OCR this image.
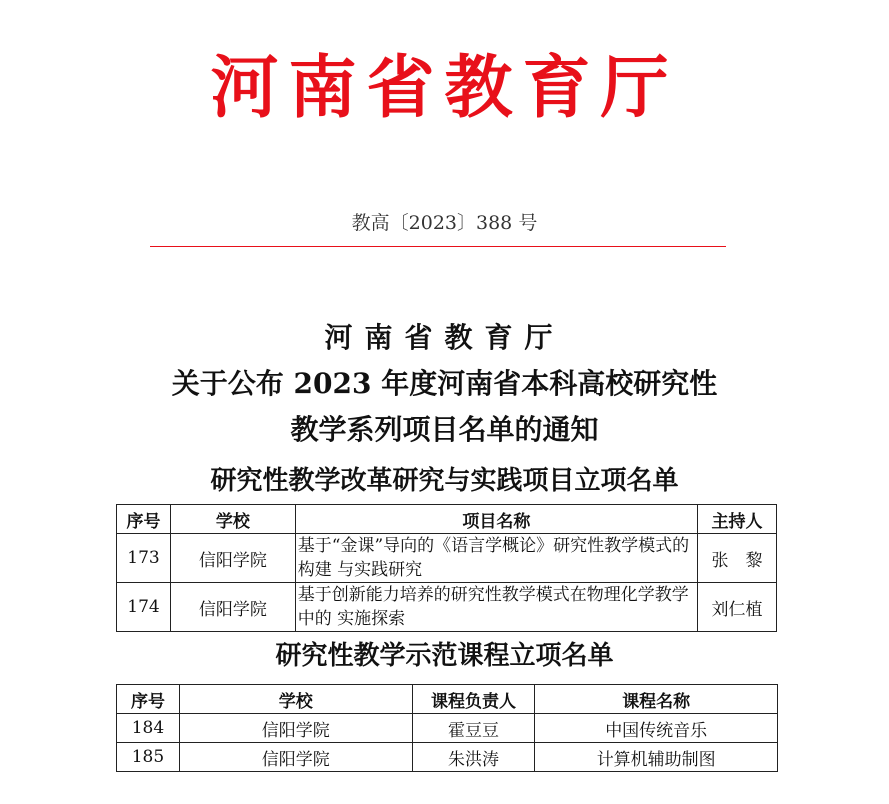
河南省教育厅
教高〔2023〕388 号
河南省教育厅
关于公布 2023 年度河南省本科高校研究性
教学系列项目名单的通知
研究性教学改革研究与实践项目立项名单
序号	学校	项目名称	主持人
173	信阳学院	基于“金课”导向的《语言学概论》研究性教学模式的构建 与实践研究	张　黎
174	信阳学院	基于创新能力培养的研究性教学模式在物理化学教学中的 实施探索	刘仁植
研究性教学示范课程立项名单
序号	学校	课程负责人	课程名称
184	信阳学院	霍豆豆	中国传统音乐
185	信阳学院	朱洪涛	计算机辅助制图
